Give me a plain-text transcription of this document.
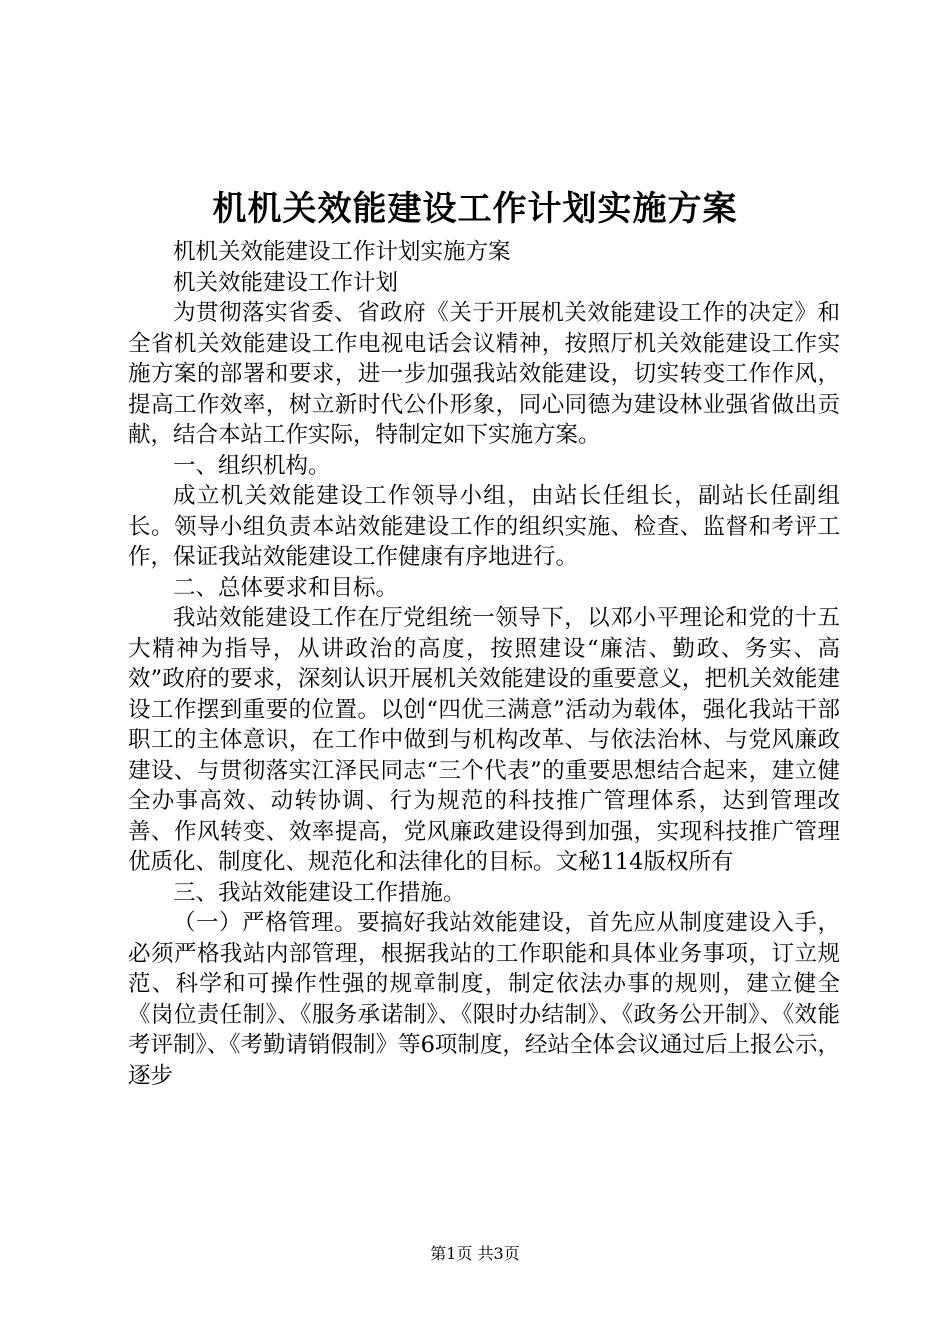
机机关效能建设工作计划实施方案

机机关效能建设工作计划实施方案

机关效能建设工作计划

为贯彻落实省委、省政府《关于开展机关效能建设工作的决定》和全省机关效能建设工作电视电话会议精神，按照厅机关效能建设工作实施方案的部署和要求，进一步加强我站效能建设，切实转变工作作风，提高工作效率，树立新时代公仆形象，同心同德为建设林业强省做出贡献，结合本站工作实际，特制定如下实施方案。

一、组织机构。

成立机关效能建设工作领导小组，由站长任组长，副站长任副组长。领导小组负责本站效能建设工作的组织实施、检查、监督和考评工作，保证我站效能建设工作健康有序地进行。

二、总体要求和目标。

我站效能建设工作在厅党组统一领导下，以邓小平理论和党的十五大精神为指导，从讲政治的高度，按照建设“廉洁、勤政、务实、高效”政府的要求，深刻认识开展机关效能建设的重要意义，把机关效能建设工作摆到重要的位置。以创“四优三满意”活动为载体，强化我站干部职工的主体意识，在工作中做到与机构改革、与依法治林、与党风廉政建设、与贯彻落实江泽民同志“三个代表”的重要思想结合起来，建立健全办事高效、动转协调、行为规范的科技推广管理体系，达到管理改善、作风转变、效率提高，党风廉政建设得到加强，实现科技推广管理优质化、制度化、规范化和法律化的目标。文秘114版权所有

三、我站效能建设工作措施。

（一）严格管理。要搞好我站效能建设，首先应从制度建设入手，必须严格我站内部管理，根据我站的工作职能和具体业务事项，订立规范、科学和可操作性强的规章制度，制定依法办事的规则，建立健全《岗位责任制》、《服务承诺制》、《限时办结制》、《政务公开制》、《效能考评制》、《考勤请销假制》等6项制度，经站全体会议通过后上报公示，逐步

第1页 共3页
